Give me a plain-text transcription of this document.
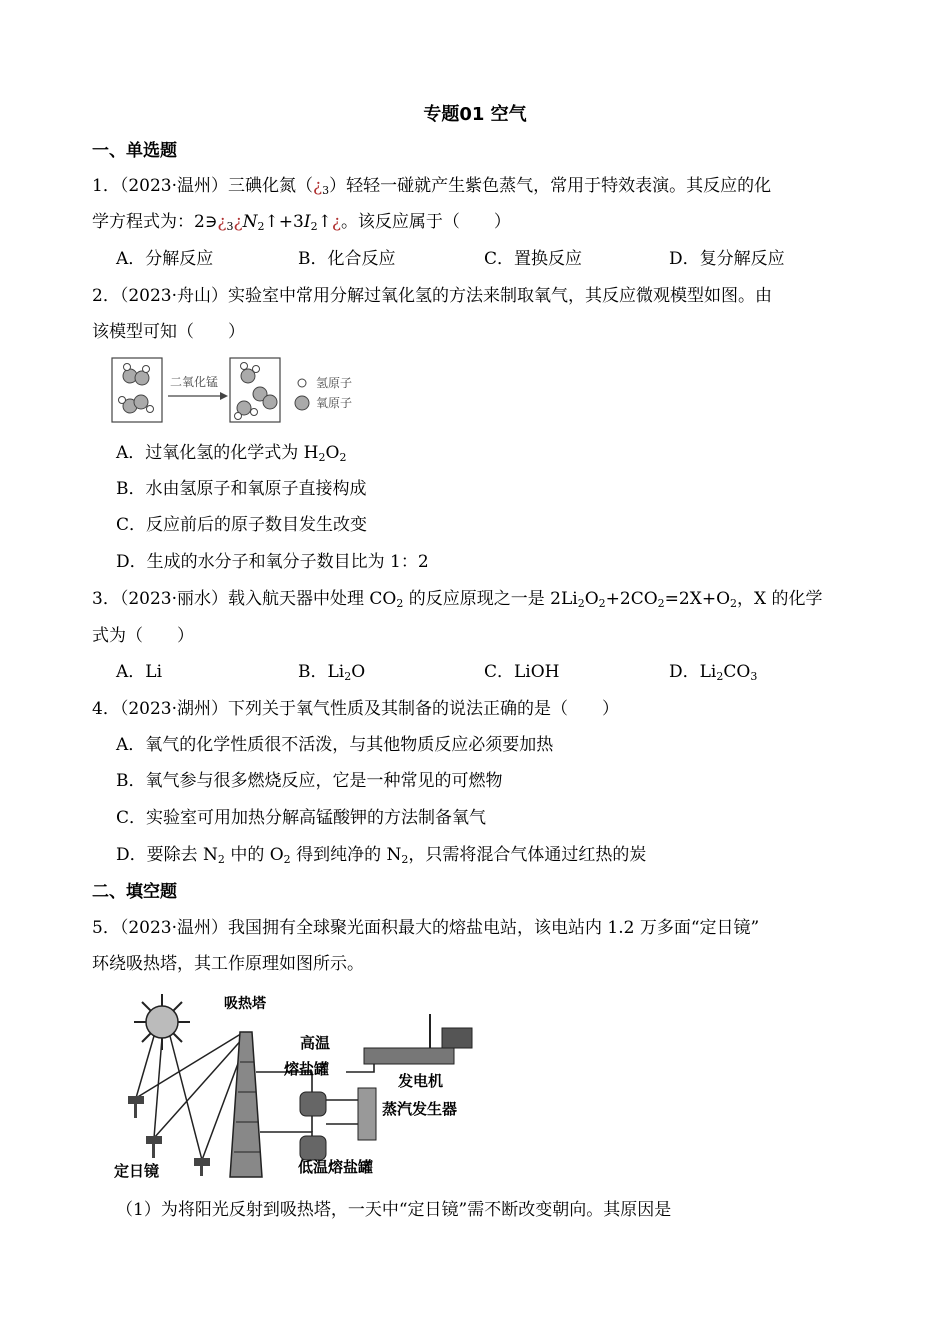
专题01 空气
一、单选题
1．（2023·温州）三碘化氮$(¿_3)$轻轻一碰就产生紫色蒸气，常用于特效表演。其反应的化
学方程式为：$2∋¿_3¿N_2↑+3I_2↑¿$。该反应属于（　　）
A．分解反应	B．化合反应	C．置换反应	D．复分解反应
2．（2023·舟山）实验室中常用分解过氧化氢的方法来制取氧气，其反应微观模型如图。由
该模型可知（　　）
二氧化锰	氢原子
氧原子
A．过氧化氢的化学式为 $H_2O_2$
B．水由氢原子和氧原子直接构成
C．反应前后的原子数目发生改变
D．生成的水分子和氧分子数目比为 1：2
3．（2023·丽水）载入航天器中处理 $CO_2$ 的反应原现之一是 $2Li_2O_2+2CO_2=2X+O_2$，X 的化学
式为（　　）
A．Li	B．$Li_2O$	C．LiOH	D．$Li_2CO_3$
4．（2023·湖州）下列关于氧气性质及其制备的说法正确的是（　　）
A．氧气的化学性质很不活泼，与其他物质反应必须要加热
B．氧气参与很多燃烧反应，它是一种常见的可燃物
C．实验室可用加热分解高锰酸钾的方法制备氧气
D．要除去 $N_2$ 中的 $O_2$ 得到纯净的 $N_2$，只需将混合气体通过红热的炭
二、填空题
5．（2023·温州）我国拥有全球聚光面积最大的熔盐电站，该电站内 1.2 万多面“定日镜”
环绕吸热塔，其工作原理如图所示。
吸热塔
高温
熔盐罐
发电机
蒸汽发生器
低温熔盐罐
定日镜
（1）为将阳光反射到吸热塔，一天中“定日镜”需不断改变朝向。其原因是
